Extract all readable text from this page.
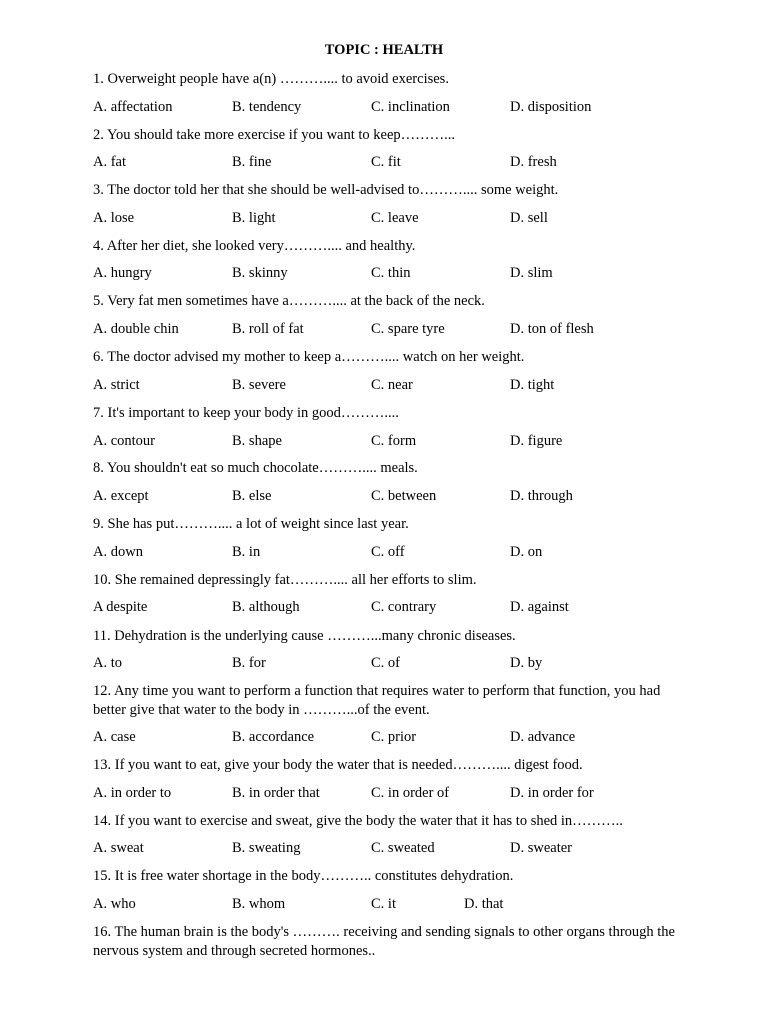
TOPIC : HEALTH
1. Overweight people have a(n) ……….... to avoid exercises.
A. affectation	B. tendency	C. inclination	D. disposition
2. You should take more exercise if you want to keep………...
A. fat	B. fine	C. fit	D. fresh
3. The doctor told her that she should be well-advised to……….... some weight.
A. lose	B. light	C. leave	D. sell
4. After her diet, she looked very……….... and healthy.
A. hungry	B. skinny	C. thin	D. slim
5. Very fat men sometimes have a……….... at the back of the neck.
A. double chin	B. roll of fat	C. spare tyre	D. ton of flesh
6. The doctor advised my mother to keep a……….... watch on her weight.
A. strict	B. severe	C. near	D. tight
7. It's important to keep your body in good………....
A. contour	B. shape	C. form	D. figure
8. You shouldn't eat so much chocolate……….... meals.
A. except	B. else	C. between	D. through
9. She has put……….... a lot of weight since last year.
A. down	B. in	C. off	D. on
10. She remained depressingly fat……….... all her efforts to slim.
A despite	B. although	C. contrary	D. against
11. Dehydration is the underlying cause ………...many chronic diseases.
A. to	B. for	C. of	D. by
12. Any time you want to perform a function that requires water to perform that function, you had better give that water to the body in ………...of the event.
A. case	B. accordance	C. prior	D. advance
13. If you want to eat, give your body the water that is needed……….... digest food.
A. in order to	B. in order that	C. in order of	D. in order for
14. If you want to exercise and sweat, give the body the water that it has to shed in………..
A. sweat	B. sweating	C. sweated	D. sweater
15. It is free water shortage in the body……….. constitutes dehydration.
A. who	B. whom	C. it	D. that
16. The human brain is the body's ………. receiving and sending signals to other organs through the nervous system and through secreted hormones..
